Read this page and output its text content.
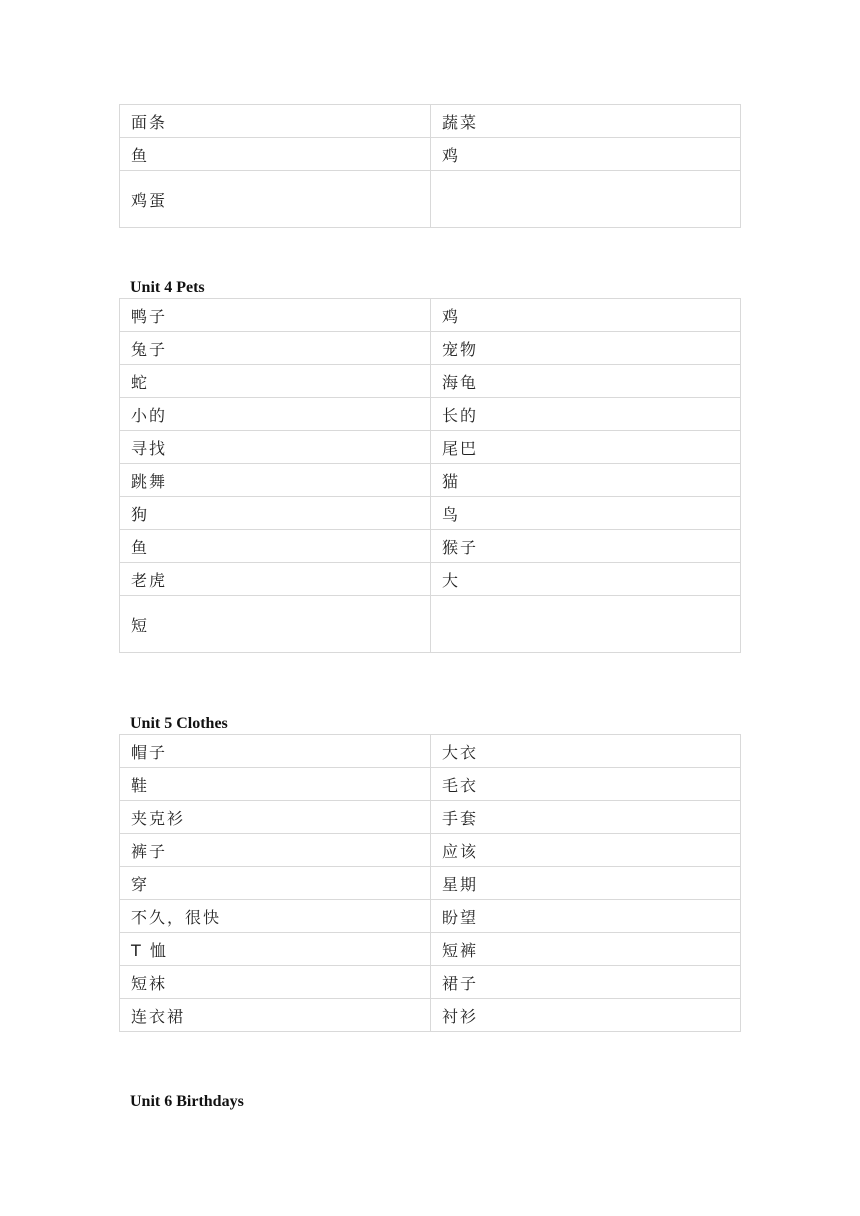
面条	蔬菜
鱼	鸡
鸡蛋	
Unit 4 Pets
鸭子	鸡
兔子	宠物
蛇	海龟
小的	长的
寻找	尾巴
跳舞	猫
狗	鸟
鱼	猴子
老虎	大
短	
Unit 5 Clothes
帽子	大衣
鞋	毛衣
夹克衫	手套
裤子	应该
穿	星期
不久，很快	盼望
T 恤	短裤
短袜	裙子
连衣裙	衬衫
Unit 6 Birthdays
